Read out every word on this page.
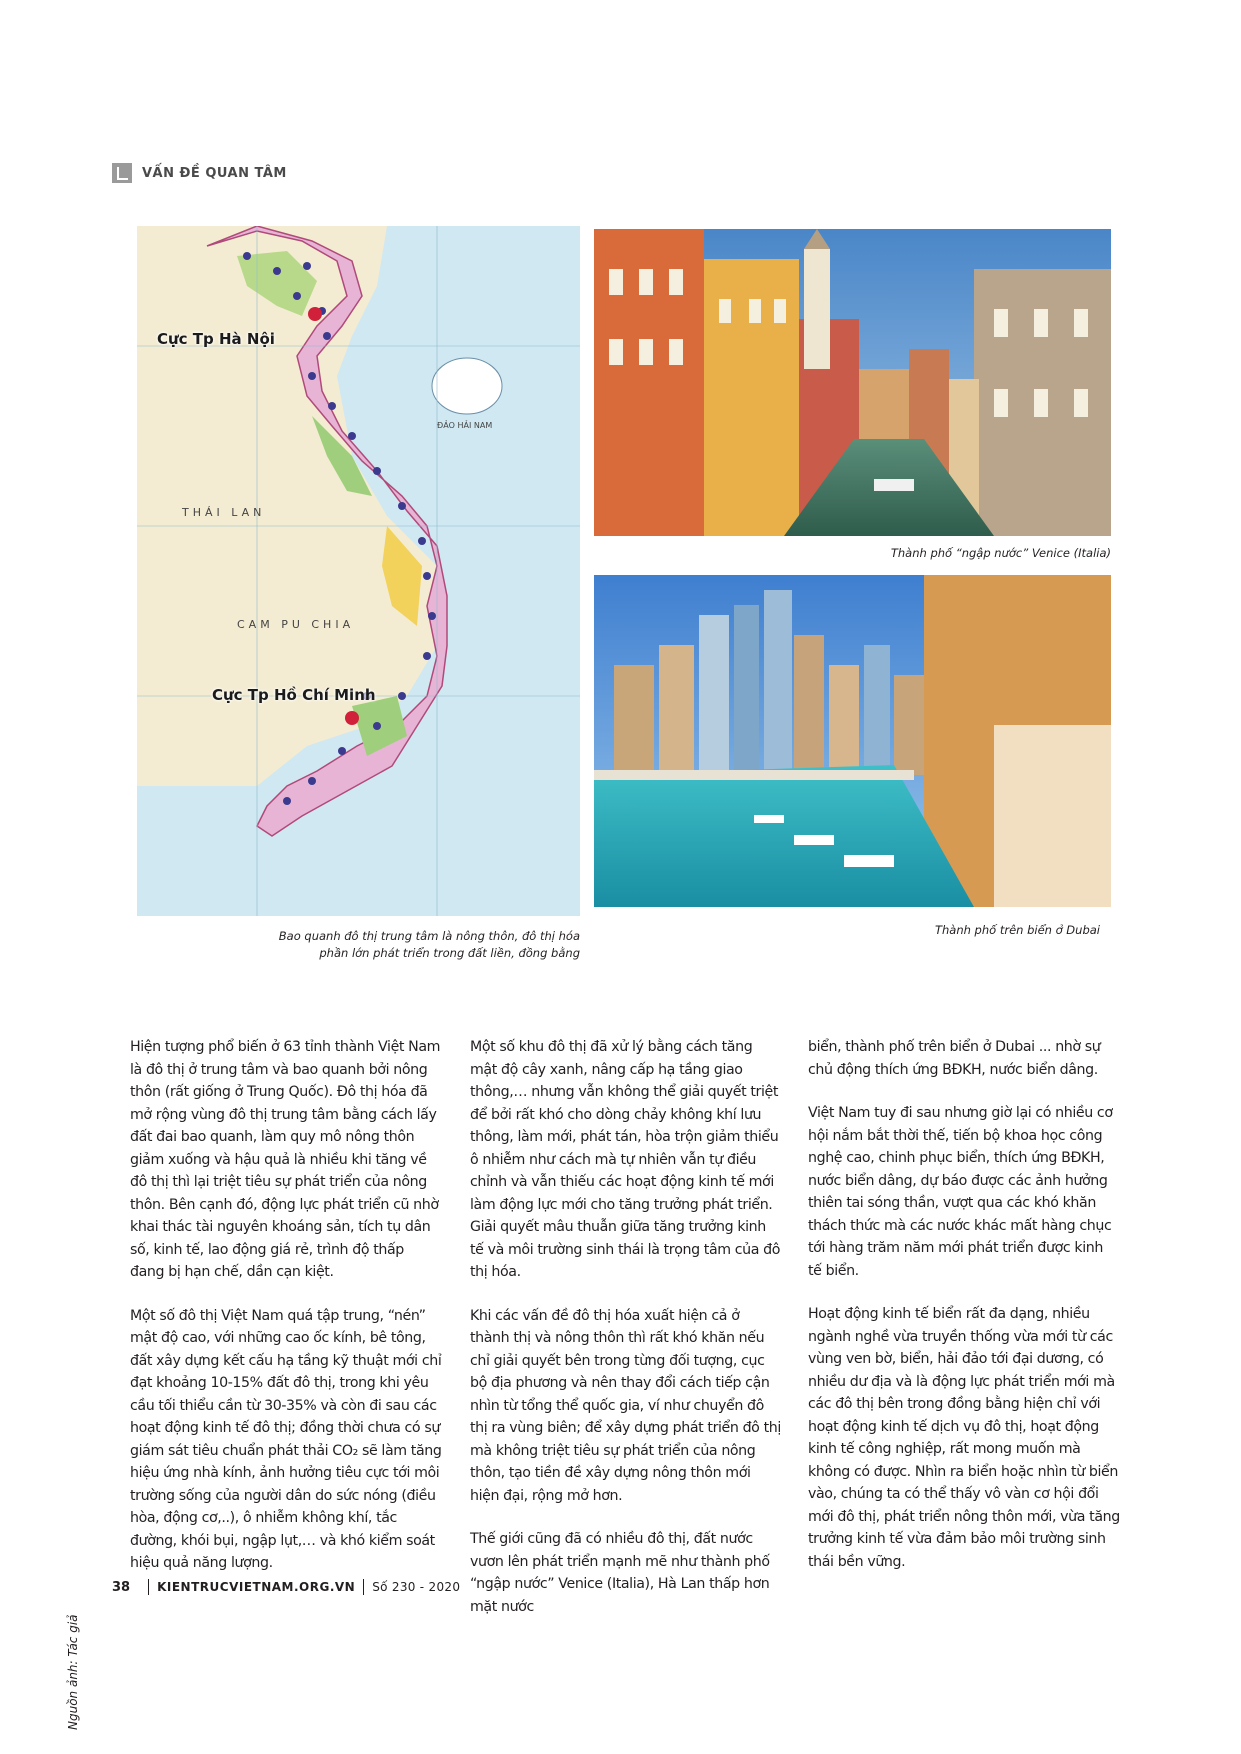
VẤN ĐỀ QUAN TÂM
Cực Tp Hà Nội
Cực Tp Hồ Chí Minh
THÁI LAN
CAM PU CHIA
ĐẢO HẢI NAM
Bao quanh đô thị trung tâm là nông thôn, đô thị hóa
phần lớn phát triển trong đất liền, đồng bằng
Thành phố “ngập nước” Venice (Italia)
Thành phố trên biển ở Dubai

Hiện tượng phổ biến ở 63 tỉnh thành Việt Nam là đô thị ở trung tâm và bao quanh bởi nông thôn (rất giống ở Trung Quốc). Đô thị hóa đã mở rộng vùng đô thị trung tâm bằng cách lấy đất đai bao quanh, làm quy mô nông thôn giảm xuống và hậu quả là nhiều khi tăng về đô thị thì lại triệt tiêu sự phát triển của nông thôn. Bên cạnh đó, động lực phát triển cũ nhờ khai thác tài nguyên khoáng sản, tích tụ dân số, kinh tế, lao động giá rẻ, trình độ thấp đang bị hạn chế, dần cạn kiệt.

Một số đô thị Việt Nam quá tập trung, “nén” mật độ cao, với những cao ốc kính, bê tông, đất xây dựng kết cấu hạ tầng kỹ thuật mới chỉ đạt khoảng 10-15% đất đô thị, trong khi yêu cầu tối thiểu cần từ 30-35% và còn đi sau các hoạt động kinh tế đô thị; đồng thời chưa có sự giám sát tiêu chuẩn phát thải CO₂ sẽ làm tăng hiệu ứng nhà kính, ảnh hưởng tiêu cực tới môi trường sống của người dân do sức nóng (điều hòa, động cơ,..), ô nhiễm không khí, tắc đường, khói bụi, ngập lụt,… và khó kiểm soát hiệu quả năng lượng.

Một số khu đô thị đã xử lý bằng cách tăng mật độ cây xanh, nâng cấp hạ tầng giao thông,… nhưng vẫn không thể giải quyết triệt để bởi rất khó cho dòng chảy không khí lưu thông, làm mới, phát tán, hòa trộn giảm thiểu ô nhiễm như cách mà tự nhiên vẫn tự điều chỉnh và vẫn thiếu các hoạt động kinh tế mới làm động lực mới cho tăng trưởng phát triển. Giải quyết mâu thuẫn giữa tăng trưởng kinh tế và môi trường sinh thái là trọng tâm của đô thị hóa.

Khi các vấn đề đô thị hóa xuất hiện cả ở thành thị và nông thôn thì rất khó khăn nếu chỉ giải quyết bên trong từng đối tượng, cục bộ địa phương và nên thay đổi cách tiếp cận nhìn từ tổng thể quốc gia, ví như chuyển đô thị ra vùng biên; để xây dựng phát triển đô thị mà không triệt tiêu sự phát triển của nông thôn, tạo tiền đề xây dựng nông thôn mới hiện đại, rộng mở hơn.

Thế giới cũng đã có nhiều đô thị, đất nước vươn lên phát triển mạnh mẽ như thành phố “ngập nước” Venice (Italia), Hà Lan thấp hơn mặt nước

biển, thành phố trên biển ở Dubai ... nhờ sự chủ động thích ứng BĐKH, nước biển dâng.

Việt Nam tuy đi sau nhưng giờ lại có nhiều cơ hội nắm bắt thời thế, tiến bộ khoa học công nghệ cao, chinh phục biển, thích ứng BĐKH, nước biển dâng, dự báo được các ảnh hưởng thiên tai sóng thần, vượt qua các khó khăn thách thức mà các nước khác mất hàng chục tới hàng trăm năm mới phát triển được kinh tế biển.

Hoạt động kinh tế biển rất đa dạng, nhiều ngành nghề vừa truyền thống vừa mới từ các vùng ven bờ, biển, hải đảo tới đại dương, có nhiều dư địa và là động lực phát triển mới mà các đô thị bên trong đồng bằng hiện chỉ với hoạt động kinh tế dịch vụ đô thị, hoạt động kinh tế công nghiệp, rất mong muốn mà không có được. Nhìn ra biển hoặc nhìn từ biển vào, chúng ta có thể thấy vô vàn cơ hội đổi mới đô thị, phát triển nông thôn mới, vừa tăng trưởng kinh tế vừa đảm bảo môi trường sinh thái bền vững.

Nguồn ảnh: Tác giả
38 KIENTRUCVIETNAM.ORG.VN Số 230 - 2020
